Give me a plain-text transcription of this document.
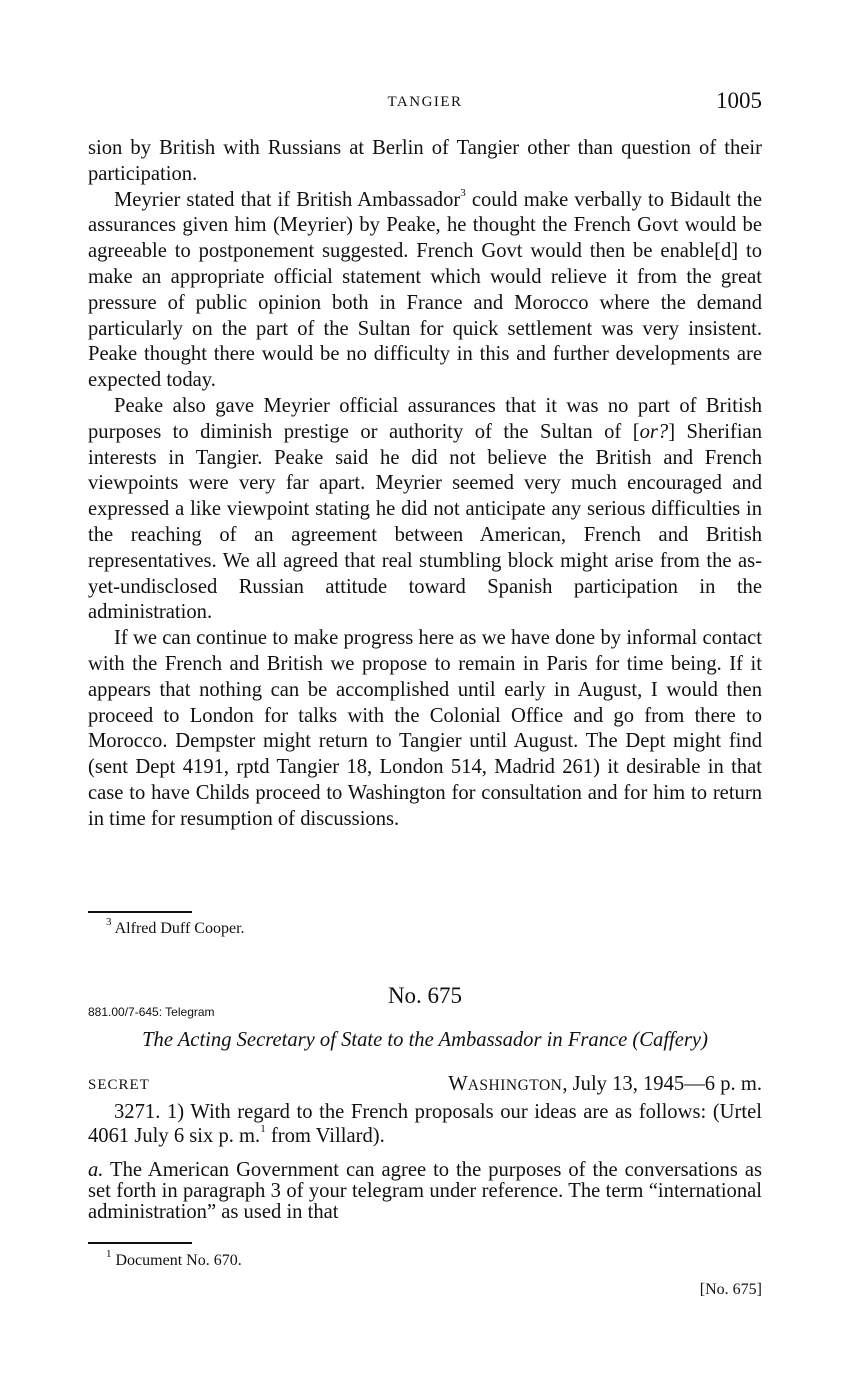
TANGIER	1005

sion by British with Russians at Berlin of Tangier other than question of their participation.

Meyrier stated that if British Ambassador$^3$ could make verbally to Bidault the assurances given him (Meyrier) by Peake, he thought the French Govt would be agreeable to postponement suggested. French Govt would then be enable[d] to make an appropriate official statement which would relieve it from the great pressure of public opinion both in France and Morocco where the demand particularly on the part of the Sultan for quick settlement was very insistent. Peake thought there would be no difficulty in this and further developments are expected today.

Peake also gave Meyrier official assurances that it was no part of British purposes to diminish prestige or authority of the Sultan of [or?] Sherifian interests in Tangier. Peake said he did not believe the British and French viewpoints were very far apart. Meyrier seemed very much encouraged and expressed a like viewpoint stating he did not anticipate any serious difficulties in the reaching of an agreement between American, French and British representatives. We all agreed that real stumbling block might arise from the as-yet-undisclosed Russian attitude toward Spanish participation in the administration.

If we can continue to make progress here as we have done by informal contact with the French and British we propose to remain in Paris for time being. If it appears that nothing can be accomplished until early in August, I would then proceed to London for talks with the Colonial Office and go from there to Morocco. Dempster might return to Tangier until August. The Dept might find (sent Dept 4191, rptd Tangier 18, London 514, Madrid 261) it desirable in that case to have Childs proceed to Washington for consultation and for him to return in time for resumption of discussions.

$^3$ Alfred Duff Cooper.
No. 675
881.00/7-645: Telegram
The Acting Secretary of State to the Ambassador in France (Caffery)
SECRET	WASHINGTON, July 13, 1945—6 p. m.

3271. 1) With regard to the French proposals our ideas are as follows: (Urtel 4061 July 6 six p. m.$^1$ from Villard).

a. The American Government can agree to the purposes of the conversations as set forth in paragraph 3 of your telegram under reference. The term “international administration” as used in that

$^1$ Document No. 670.
[No. 675]
